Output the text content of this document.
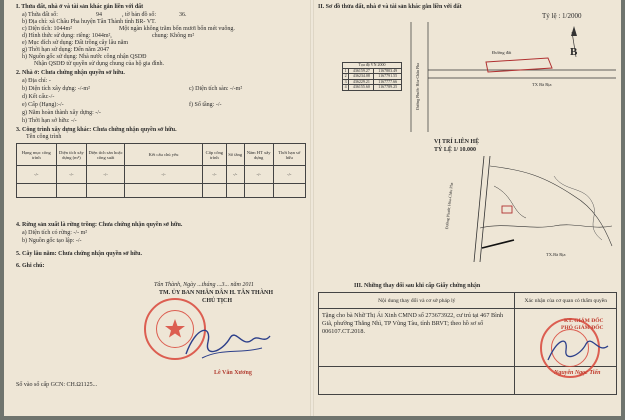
I. Thửa đất, nhà ở và tài sản khác gắn liền với đất
a) Thửa đất số:	94	, tờ bản đồ số:	36.
b) Địa chỉ: xã Châu Pha huyện Tân Thành tỉnh BR- VT.
c) Diện tích: 1044m²	Một ngàn không trăm bốn mươi bốn mét vuông.
d) Hình thức sử dụng: riêng: 1044m²,	chung: Không m²
e) Mục đích sử dụng: Đất trồng cây lâu năm
g) Thời hạn sử dụng: Đến năm 2047
h) Nguồn gốc sử dụng: Nhà nước công nhận QSDĐ
Nhận QSDĐ từ quyền sử dụng chung của hộ gia đình.
2. Nhà ở: Chưa chứng nhận quyền sở hữu.
a) Địa chỉ: -
b) Diện tích xây dựng: -/-m²	c) Diện tích sàn: -/-m²
d) Kết cấu:-/-
e) Cấp (Hạng):-/-	f) Số tầng: -/-
g) Năm hoàn thành xây dựng: -/-
h) Thời hạn sở hữu: -/-
3. Công trình xây dựng khác: Chưa chứng nhận quyền sở hữu.
Tên công trình
Hạng mục công trình	Diện tích xây dựng (m²)	Diện tích sàn hoặc công suất	Kết cấu chủ yếu	Cấp công trình	Số tầng	Năm HT xây dựng	Thời hạn sở hữu
-/-	-/-	-/-	-/-	-/-	-/-	-/-	-/-

4. Rừng sản xuất là rừng trồng: Chưa chứng nhận quyền sở hữu.
a) Diện tích có rừng: -/- m²
b) Nguồn gốc tạo lập: -/-
5. Cây lâu năm: Chưa chứng nhận quyền sở hữu.
6. Ghi chú:
Tân Thành, Ngày ...tháng ...3... năm 2011
TM. ỦY BAN NHÂN DÂN H. TÂN THÀNH
CHỦ TỊCH
Lê Văn Xương
Số vào sổ cấp GCN: CH.Ω1125...
II. Sơ đồ thửa đất, nhà ở và tài sản khác gắn liền với đất
Tỷ lệ : 1/2000
B
Đường đất
TX Bà Rịa
Đường Phước Hòa-Châu Pha
Tọa độ VN 2000		
1	436159.27	1167803.49
2	436234.08	1167791.55
3	436229.21	1167777.66
4	436155.60	1167789.25
VỊ TRÍ LIÊN HỆ
TỶ LỆ 1/ 10.000
Đường Phước Hòa-Châu Pha
TX.Bà Rịa
III. Những thay đổi sau khi cấp Giấy chứng nhận
Nội dung thay đổi và cơ sở pháp lý	Xác nhận của cơ quan có thẩm quyền
Tặng cho bà Nhữ Thị Ái Xinh CMND số 273673922, cư trú tại 467 Bình Giã, phường Thắng Nhì, TP Vũng Tàu, tỉnh BRVT; theo hồ sơ số 006107.CT.2018.	

KT. GIÁM ĐỐC
PHÓ GIÁM ĐỐC
Nguyễn Ngọc Tiến
